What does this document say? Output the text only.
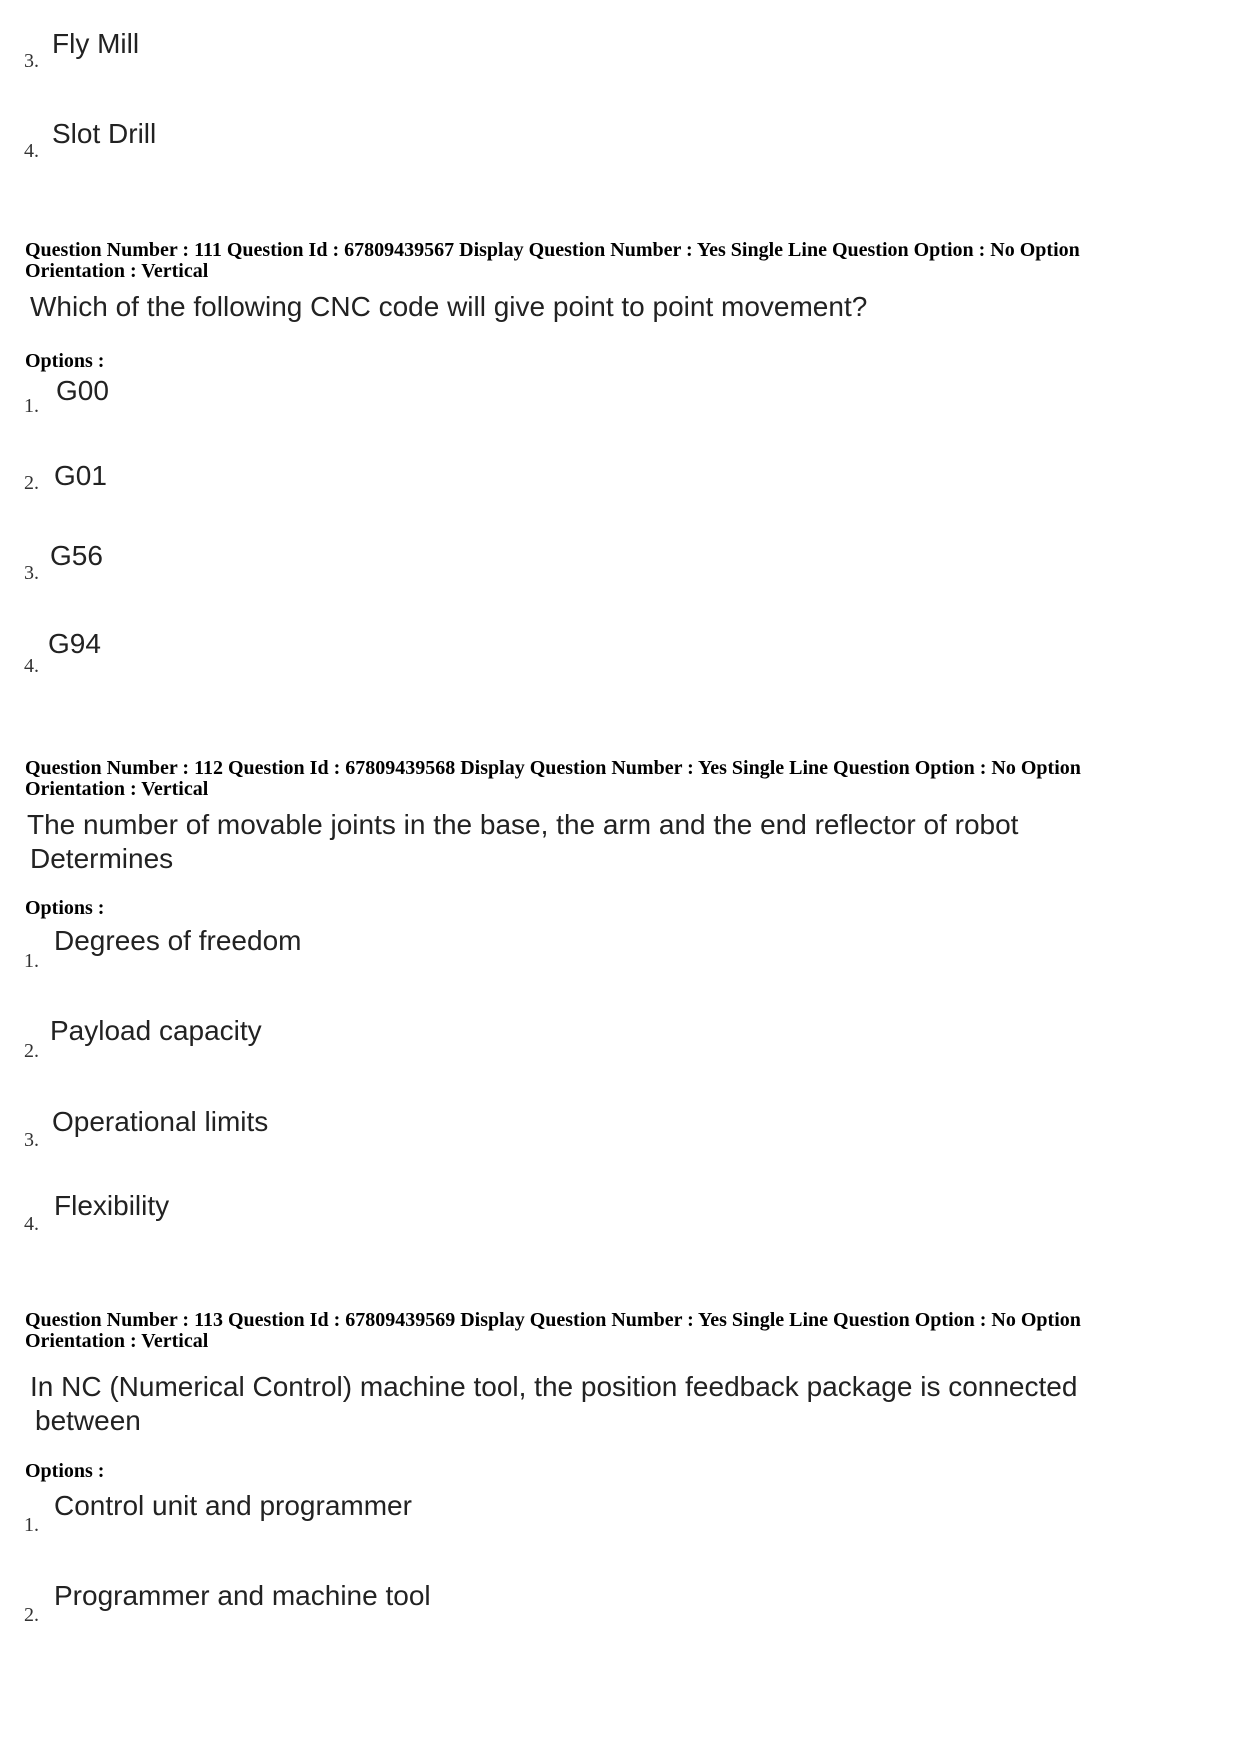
3.
Fly Mill
4.
Slot Drill
Question Number : 111 Question Id : 67809439567 Display Question Number : Yes Single Line Question Option : No Option
Orientation : Vertical
Which of the following CNC code will give point to point movement?
Options :
1. G00
2. G01
3.
G56
4.
G94
Question Number : 112 Question Id : 67809439568 Display Question Number : Yes Single Line Question Option : No Option
Orientation : Vertical
The number of movable joints in the base, the arm and the end reflector of robot
Determines
Options :
1.
Degrees of freedom
2.
Payload capacity
3.
Operational limits
4.
Flexibility
Question Number : 113 Question Id : 67809439569 Display Question Number : Yes Single Line Question Option : No Option
Orientation : Vertical
In NC (Numerical Control) machine tool, the position feedback package is connected
between
Options :
1.
Control unit and programmer
2.
Programmer and machine tool
